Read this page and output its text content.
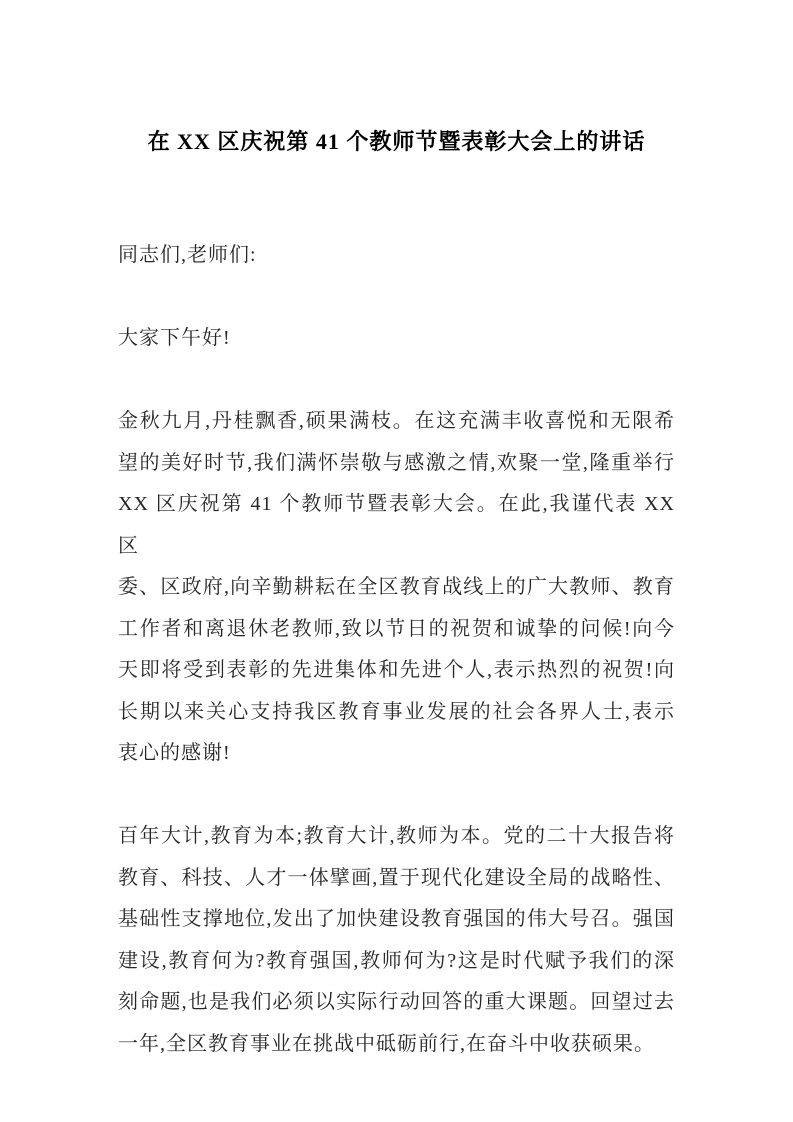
在 XX 区庆祝第 41 个教师节暨表彰大会上的讲话
同志们,老师们:
大家下午好!
金秋九月,丹桂飘香,硕果满枝。在这充满丰收喜悦和无限希
望的美好时节,我们满怀崇敬与感激之情,欢聚一堂,隆重举行
XX 区庆祝第 41 个教师节暨表彰大会。在此,我谨代表 XX 区
委、区政府,向辛勤耕耘在全区教育战线上的广大教师、教育
工作者和离退休老教师,致以节日的祝贺和诚挚的问候!向今
天即将受到表彰的先进集体和先进个人,表示热烈的祝贺!向
长期以来关心支持我区教育事业发展的社会各界人士,表示
衷心的感谢!
百年大计,教育为本;教育大计,教师为本。党的二十大报告将
教育、科技、人才一体擘画,置于现代化建设全局的战略性、
基础性支撑地位,发出了加快建设教育强国的伟大号召。强国
建设,教育何为?教育强国,教师何为?这是时代赋予我们的深
刻命题,也是我们必须以实际行动回答的重大课题。回望过去
一年,全区教育事业在挑战中砥砺前行,在奋斗中收获硕果。
